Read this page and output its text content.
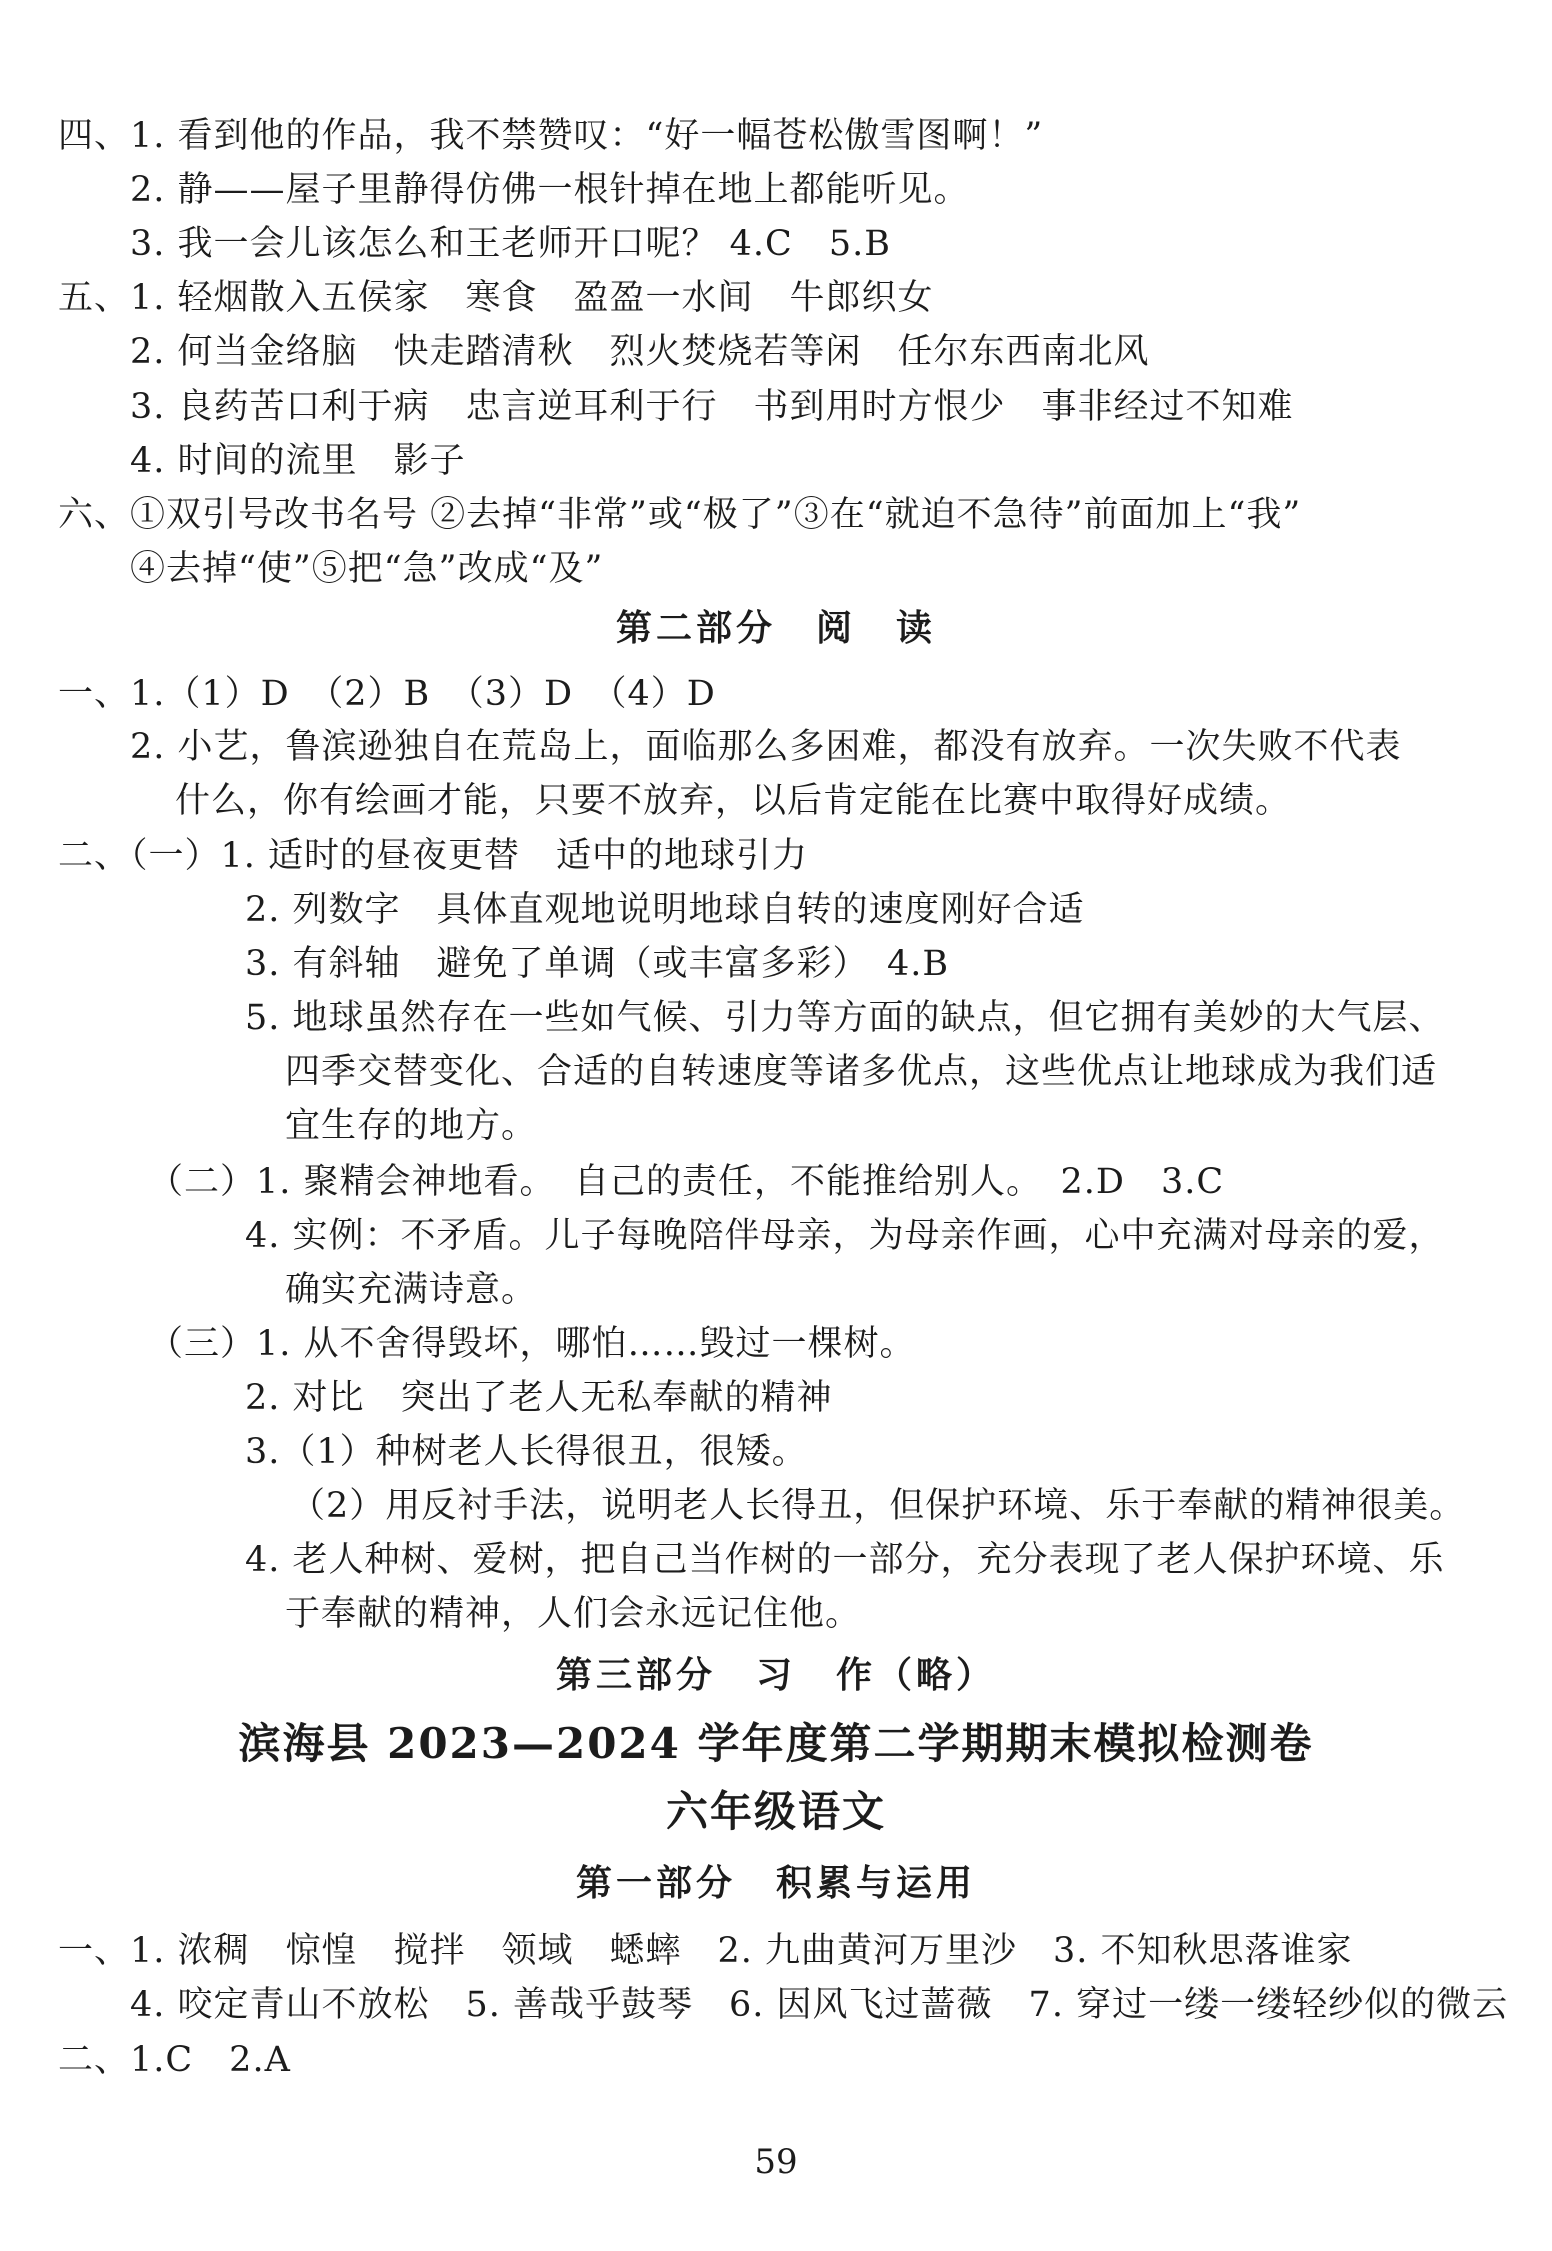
四、1. 看到他的作品，我不禁赞叹：“好一幅苍松傲雪图啊！”
2. 静——屋子里静得仿佛一根针掉在地上都能听见。
3. 我一会儿该怎么和王老师开口呢？ 4.C　5.B
五、1. 轻烟散入五侯家　寒食　盈盈一水间　牛郎织女
2. 何当金络脑　快走踏清秋　烈火焚烧若等闲　任尔东西南北风
3. 良药苦口利于病　忠言逆耳利于行　书到用时方恨少　事非经过不知难
4. 时间的流里　影子
六、①双引号改书名号 ②去掉“非常”或“极了”③在“就迫不急待”前面加上“我”
④去掉“使”⑤把“急”改成“及”
第二部分　阅　读
一、1.（1）D　（2）B　（3）D　（4）D
2. 小艺，鲁滨逊独自在荒岛上，面临那么多困难，都没有放弃。一次失败不代表
什么，你有绘画才能，只要不放弃，以后肯定能在比赛中取得好成绩。
二、（一）1. 适时的昼夜更替　适中的地球引力
2. 列数字　具体直观地说明地球自转的速度刚好合适
3. 有斜轴　避免了单调（或丰富多彩）　4.B
5. 地球虽然存在一些如气候、引力等方面的缺点，但它拥有美妙的大气层、
四季交替变化、合适的自转速度等诸多优点，这些优点让地球成为我们适
宜生存的地方。
（二）1. 聚精会神地看。　自己的责任，不能推给别人。　2.D　3.C
4. 实例：不矛盾。儿子每晚陪伴母亲，为母亲作画，心中充满对母亲的爱，
确实充满诗意。
（三）1. 从不舍得毁坏，哪怕……毁过一棵树。
2. 对比　突出了老人无私奉献的精神
3.（1）种树老人长得很丑，很矮。
（2）用反衬手法，说明老人长得丑，但保护环境、乐于奉献的精神很美。
4. 老人种树、爱树，把自己当作树的一部分，充分表现了老人保护环境、乐
于奉献的精神，人们会永远记住他。
第三部分　习　作（略）
滨海县 2023—2024 学年度第二学期期末模拟检测卷
六年级语文
第一部分　积累与运用
一、1. 浓稠　惊惶　搅拌　领域　蟋蟀　2. 九曲黄河万里沙　3. 不知秋思落谁家
4. 咬定青山不放松　5. 善哉乎鼓琴　6. 因风飞过蔷薇　7. 穿过一缕一缕轻纱似的微云
二、1.C　2.A
59
